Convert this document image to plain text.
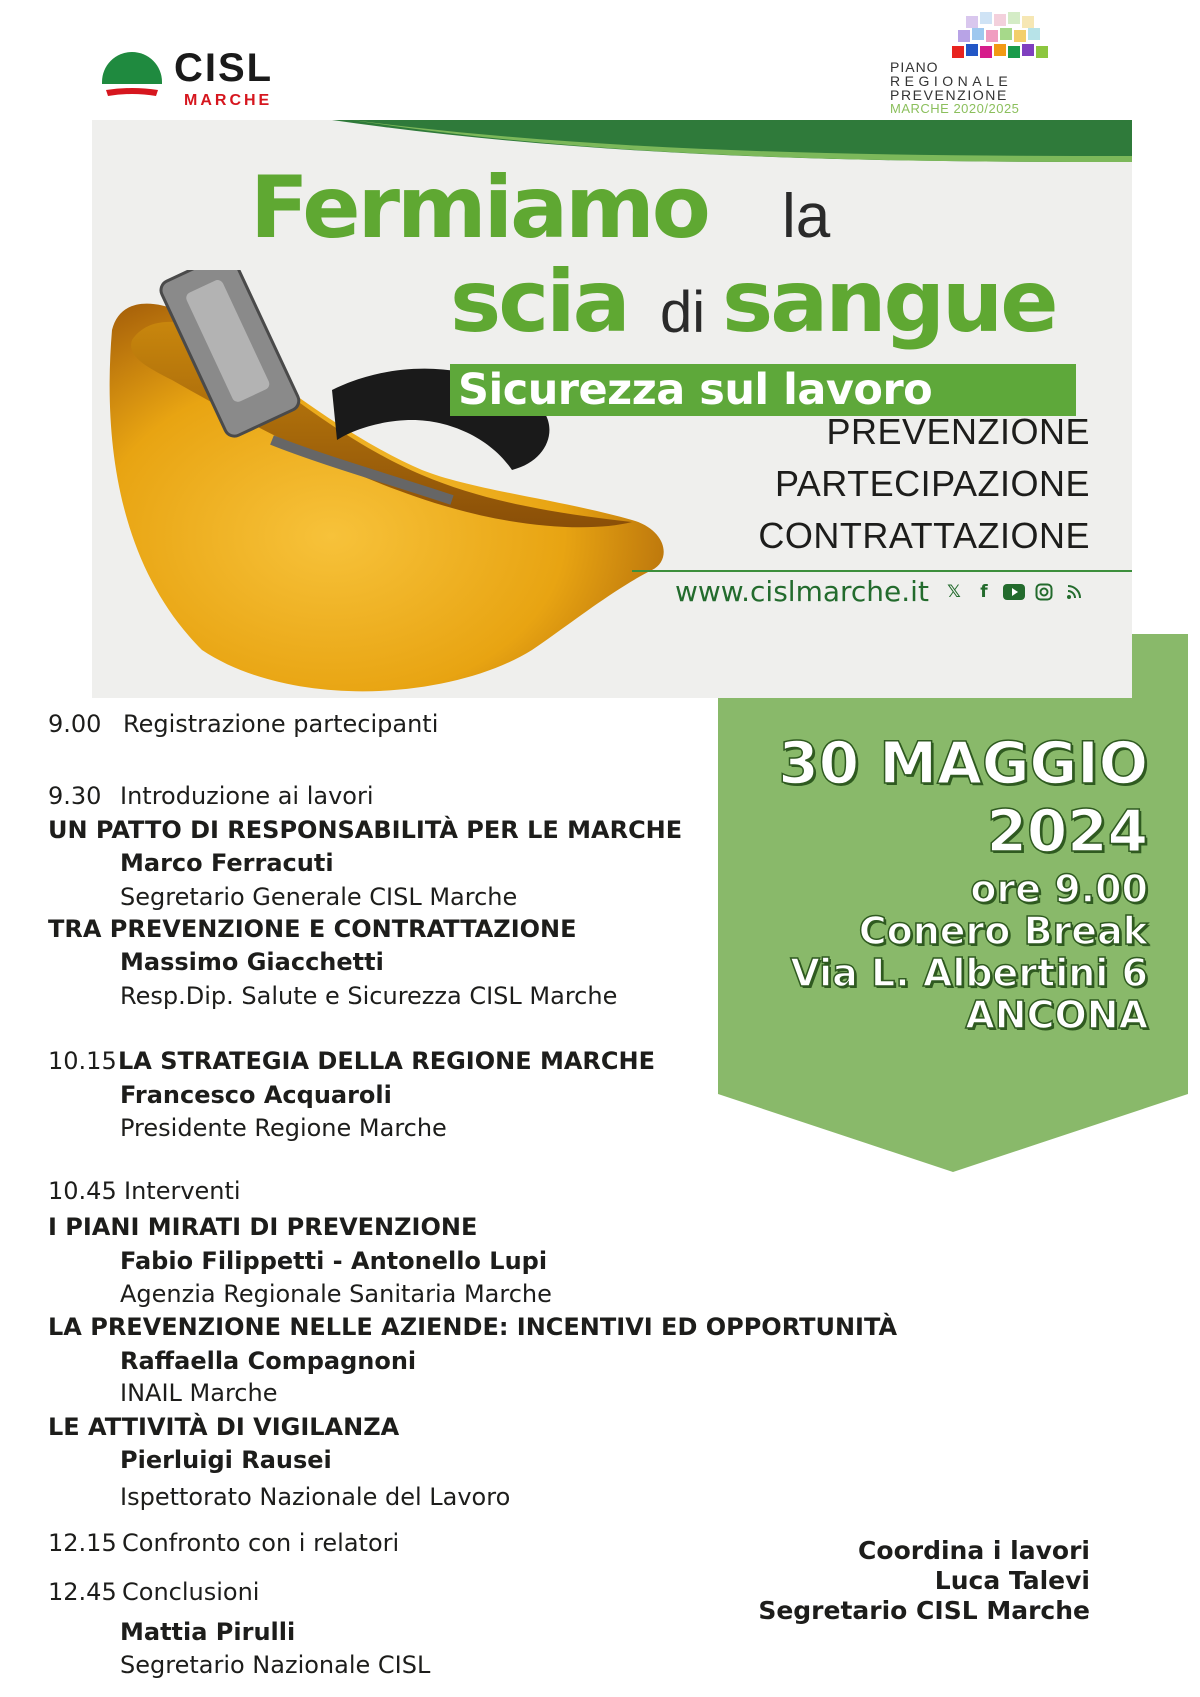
CISL
MARCHE
PIANO
REGIONALE
PREVENZIONE
MARCHE 2020/2025
Fermiamo la
scia di sangue
Sicurezza sul lavoro
PREVENZIONE
PARTECIPAZIONE
CONTRATTAZIONE
www.cislmarche.it	𝕏	f
30 MAGGIO
2024
ore 9.00
Conero Break
Via L. Albertini 6
ANCONA
9.00 Registrazione partecipanti
9.30 Introduzione ai lavori
UN PATTO DI RESPONSABILITÀ PER LE MARCHE
Marco Ferracuti
Segretario Generale CISL Marche
TRA PREVENZIONE E CONTRATTAZIONE
Massimo Giacchetti
Resp.Dip. Salute e Sicurezza CISL Marche
10.15LA STRATEGIA DELLA REGIONE MARCHE
Francesco Acquaroli
Presidente Regione Marche
10.45 Interventi
I PIANI MIRATI DI PREVENZIONE
Fabio Filippetti - Antonello Lupi
Agenzia Regionale Sanitaria Marche
LA PREVENZIONE NELLE AZIENDE: INCENTIVI ED OPPORTUNITÀ
Raffaella Compagnoni
INAIL Marche
LE ATTIVITÀ DI VIGILANZA
Pierluigi Rausei
Ispettorato Nazionale del Lavoro
12.15 Confronto con i relatori
12.45 Conclusioni
Mattia Pirulli
Segretario Nazionale CISL
Coordina i lavori
Luca Talevi
Segretario CISL Marche
